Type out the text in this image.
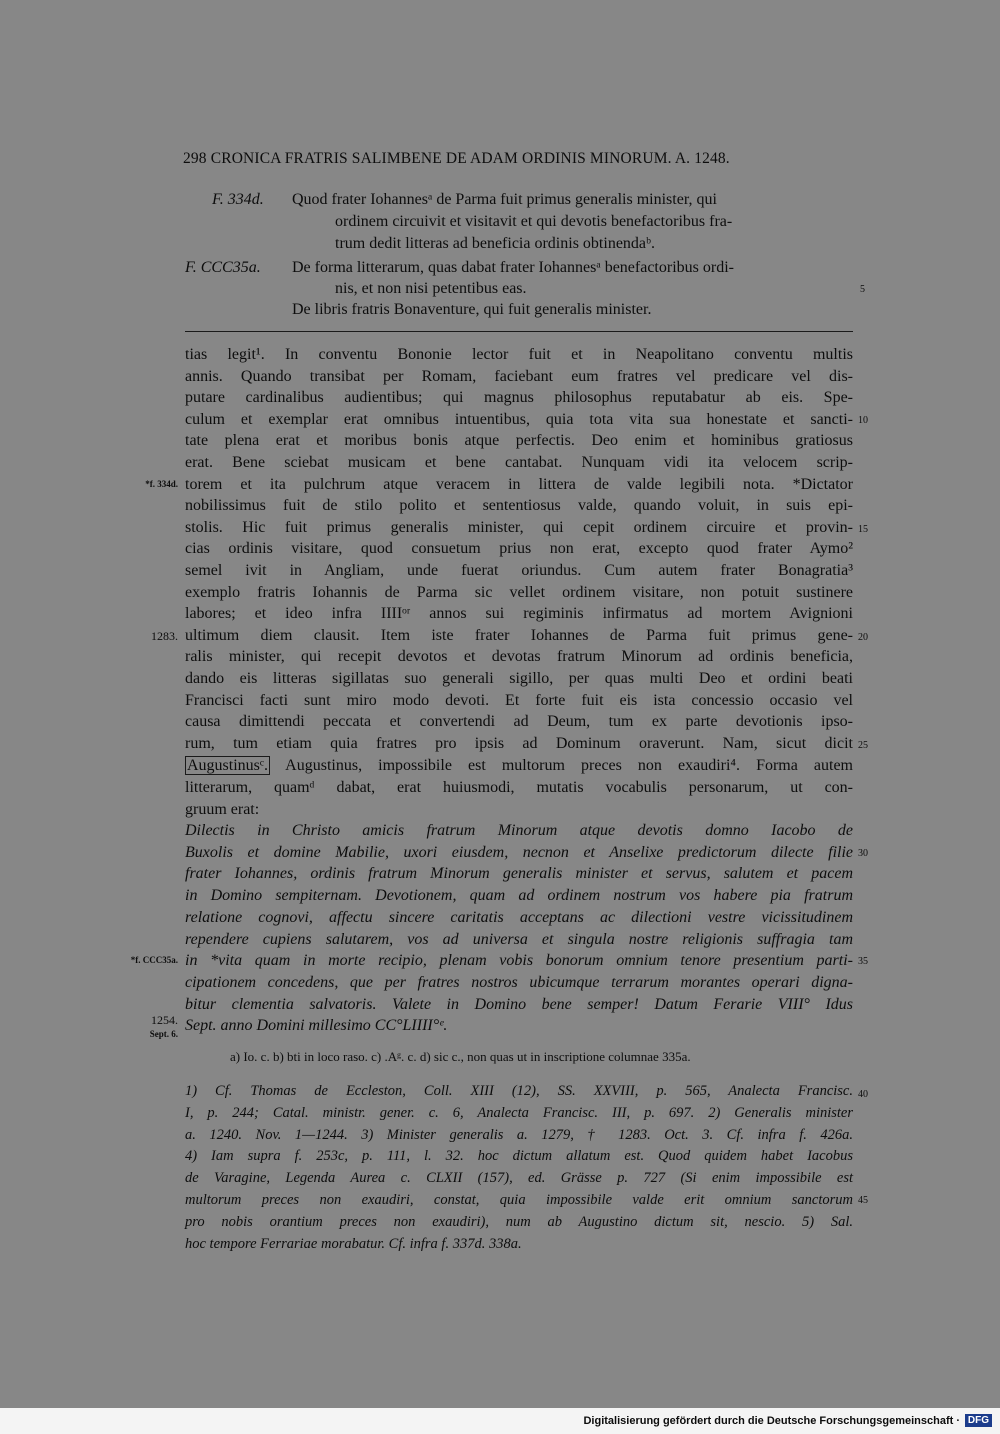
298 CRONICA FRATRIS SALIMBENE DE ADAM ORDINIS MINORUM. A. 1248.
F. 334d. Quod frater Iohannesᵃ de Parma fuit primus generalis minister, qui
ordinem circuivit et visitavit et qui devotis benefactoribus fra-
trum dedit litteras ad beneficia ordinis obtinendaᵇ.
F. CCC35a. De forma litterarum, quas dabat frater Iohannesᵃ benefactoribus ordi-
nis, et non nisi petentibus eas.
De libris fratris Bonaventure, qui fuit generalis minister.
5
tias legit¹. In conventu Bononie lector fuit et in Neapolitano conventu multis
annis. Quando transibat per Romam, faciebant eum fratres vel predicare vel dis-
putare cardinalibus audientibus; qui magnus philosophus reputabatur ab eis. Spe-
culum et exemplar erat omnibus intuentibus, quia tota vita sua honestate et sancti-
tate plena erat et moribus bonis atque perfectis. Deo enim et hominibus gratiosus
erat. Bene sciebat musicam et bene cantabat. Nunquam vidi ita velocem scrip-
torem et ita pulchrum atque veracem in littera de valde legibili nota. *Dictator
nobilissimus fuit de stilo polito et sententiosus valde, quando voluit, in suis epi-
stolis. Hic fuit primus generalis minister, qui cepit ordinem circuire et provin-
cias ordinis visitare, quod consuetum prius non erat, excepto quod frater Aymo²
semel ivit in Angliam, unde fuerat oriundus. Cum autem frater Bonagratia³
exemplo fratris Iohannis de Parma sic vellet ordinem visitare, non potuit sustinere
labores; et ideo infra IIIIᵒʳ annos sui regiminis infirmatus ad mortem Avignioni
ultimum diem clausit. Item iste frater Iohannes de Parma fuit primus gene-
ralis minister, qui recepit devotos et devotas fratrum Minorum ad ordinis beneficia,
dando eis litteras sigillatas suo generali sigillo, per quas multi Deo et ordini beati
Francisci facti sunt miro modo devoti. Et forte fuit eis ista concessio occasio vel
causa dimittendi peccata et convertendi ad Deum, tum ex parte devotionis ipso-
rum, tum etiam quia fratres pro ipsis ad Dominum oraverunt. Nam, sicut dicit
Augustinusᶜ. Augustinus, impossibile est multorum preces non exaudiri⁴. Forma autem
litterarum, quamᵈ dabat, erat huiusmodi, mutatis vocabulis personarum, ut con-
gruum erat:
Dilectis in Christo amicis fratrum Minorum atque devotis domno Iacobo de
Buxolis et domine Mabilie, uxori eiusdem, necnon et Anselixe predictorum dilecte filie
frater Iohannes, ordinis fratrum Minorum generalis minister et servus, salutem et pacem
in Domino sempiternam. Devotionem, quam ad ordinem nostrum vos habere pia fratrum
relatione cognovi, affectu sincere caritatis acceptans ac dilectioni vestre vicissitudinem
rependere cupiens salutarem, vos ad universa et singula nostre religionis suffragia tam
in *vita quam in morte recipio, plenam vobis bonorum omnium tenore presentium parti-
cipationem concedens, que per fratres nostros ubicumque terrarum morantes operari digna-
bitur clementia salvatoris. Valete in Domino bene semper! Datum Ferarie VIII° Idus
Sept. anno Domini millesimo CC°LIIII°ᵉ.
10
15
20
25
30
35
40
45
*f. 334d.
1283.
*f. CCC35a.
1254.
Sept. 6.
a) Io. c. b) bti in loco raso. c) .Aᵍ. c. d) sic c., non quas ut in inscriptione columnae 335a.
1) Cf. Thomas de Eccleston, Coll. XIII (12), SS. XXVIII, p. 565, Analecta Francisc.
I, p. 244; Catal. ministr. gener. c. 6, Analecta Francisc. III, p. 697. 2) Generalis minister
a. 1240. Nov. 1—1244. 3) Minister generalis a. 1279, † 1283. Oct. 3. Cf. infra f. 426a.
4) Iam supra f. 253c, p. 111, l. 32. hoc dictum allatum est. Quod quidem habet Iacobus
de Varagine, Legenda Aurea c. CLXII (157), ed. Grässe p. 727 (Si enim impossibile est
multorum preces non exaudiri, constat, quia impossibile valde erit omnium sanctorum
pro nobis orantium preces non exaudiri), num ab Augustino dictum sit, nescio. 5) Sal.
hoc tempore Ferrariae morabatur. Cf. infra f. 337d. 338a.
Digitalisierung gefördert durch die Deutsche Forschungsgemeinschaft · DFG
